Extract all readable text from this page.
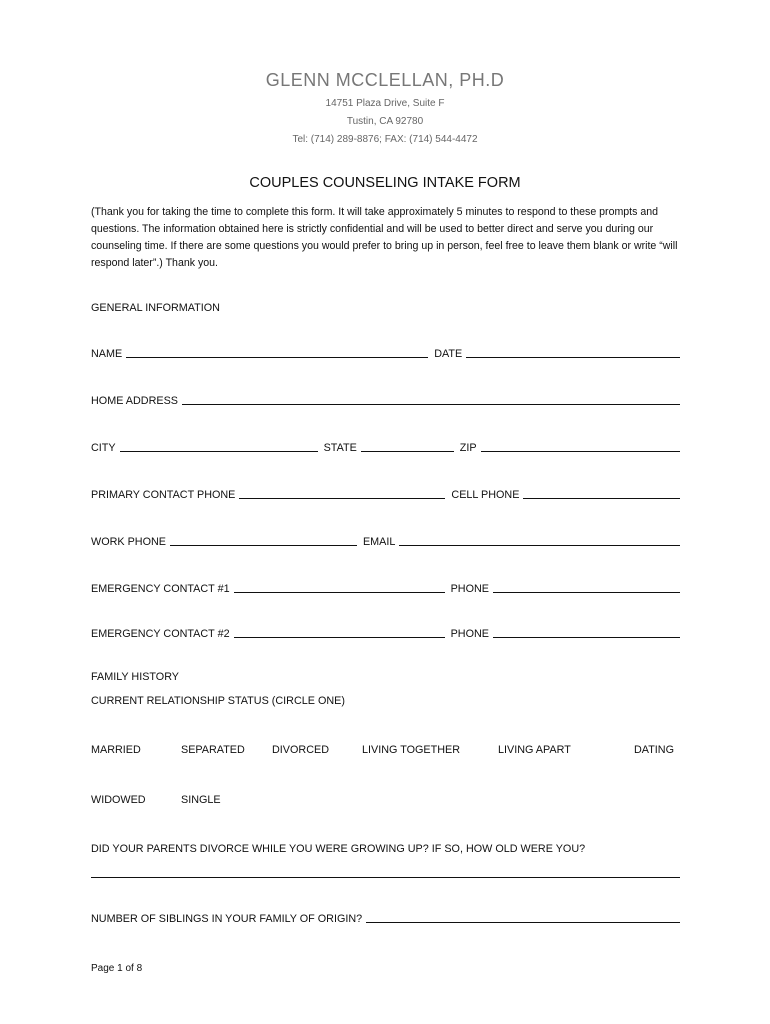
GLENN MCCLELLAN, PH.D
14751 Plaza Drive, Suite F
Tustin, CA 92780
Tel: (714) 289-8876; FAX: (714) 544-4472
COUPLES COUNSELING INTAKE FORM
(Thank you for taking the time to complete this form. It will take approximately 5 minutes to respond to these prompts and questions. The information obtained here is strictly confidential and will be used to better direct and serve you during our counseling time. If there are some questions you would prefer to bring up in person, feel free to leave them blank or write “will respond later”.) Thank you.
GENERAL INFORMATION
NAME	DATE
HOME ADDRESS
CITY	STATE	ZIP
PRIMARY CONTACT PHONE	CELL PHONE
WORK PHONE	EMAIL
EMERGENCY CONTACT #1	PHONE
EMERGENCY CONTACT #2	PHONE
FAMILY HISTORY
CURRENT RELATIONSHIP STATUS (CIRCLE ONE)
MARRIED	SEPARATED	DIVORCED	LIVING TOGETHER	LIVING APART	DATING
WIDOWED	SINGLE
DID YOUR PARENTS DIVORCE WHILE YOU WERE GROWING UP? IF SO, HOW OLD WERE YOU?
NUMBER OF SIBLINGS IN YOUR FAMILY OF ORIGIN?
Page 1 of 8
